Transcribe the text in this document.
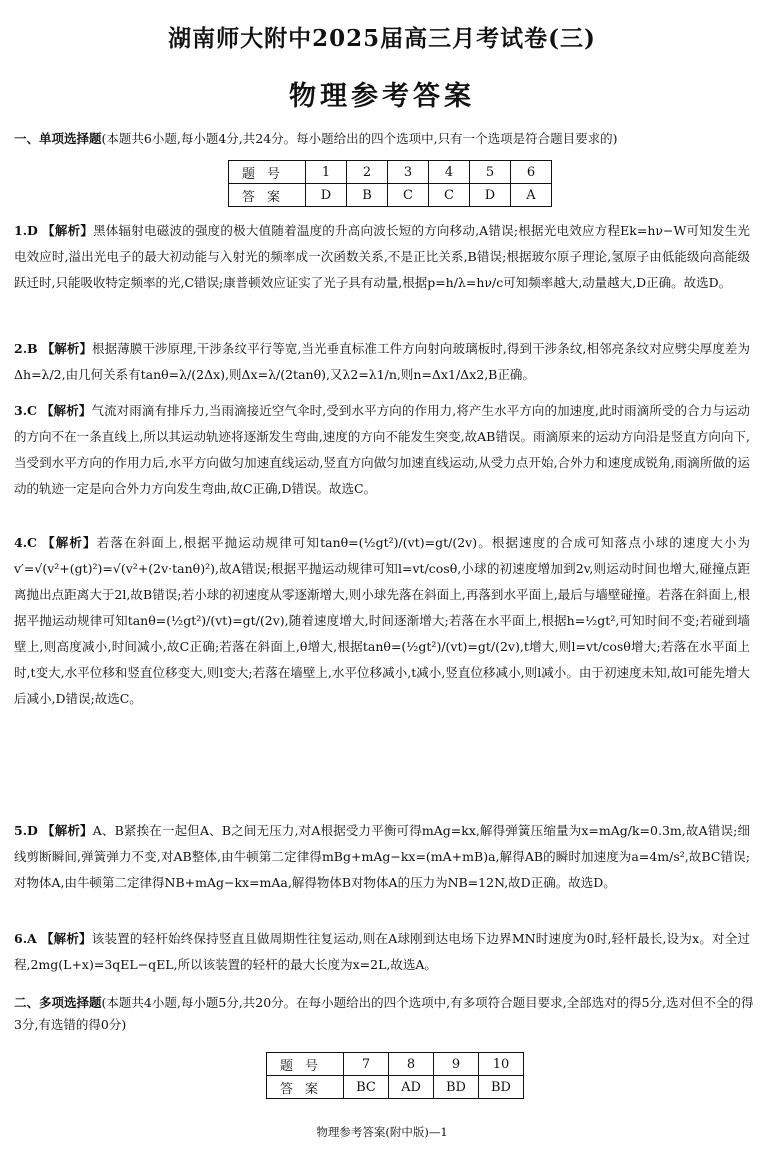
湖南师大附中2025届高三月考试卷(三)
物理参考答案
一、单项选择题(本题共6小题,每小题4分,共24分。每小题给出的四个选项中,只有一个选项是符合题目要求的)
题号	1	2	3	4	5	6
答案	D	B	C	C	D	A
1.D 【解析】黑体辐射电磁波的强度的极大值随着温度的升高向波长短的方向移动,A错误;根据光电效应方程Ek=hν−W可知发生光电效应时,溢出光电子的最大初动能与入射光的频率成一次函数关系,不是正比关系,B错误;根据玻尔原子理论,氢原子由低能级向高能级跃迁时,只能吸收特定频率的光,C错误;康普顿效应证实了光子具有动量,根据p=h/λ=hν/c可知频率越大,动量越大,D正确。故选D。
2.B 【解析】根据薄膜干涉原理,干涉条纹平行等宽,当光垂直标准工件方向射向玻璃板时,得到干涉条纹,相邻亮条纹对应劈尖厚度差为Δh=λ/2,由几何关系有tanθ=λ/(2Δx),则Δx=λ/(2tanθ),又λ2=λ1/n,则n=Δx1/Δx2,B正确。
3.C 【解析】气流对雨滴有排斥力,当雨滴接近空气伞时,受到水平方向的作用力,将产生水平方向的加速度,此时雨滴所受的合力与运动的方向不在一条直线上,所以其运动轨迹将逐渐发生弯曲,速度的方向不能发生突变,故AB错误。雨滴原来的运动方向沿是竖直方向向下,当受到水平方向的作用力后,水平方向做匀加速直线运动,竖直方向做匀加速直线运动,从受力点开始,合外力和速度成锐角,雨滴所做的运动的轨迹一定是向合外力方向发生弯曲,故C正确,D错误。故选C。
4.C 【解析】若落在斜面上,根据平抛运动规律可知tanθ=(½gt²)/(vt)=gt/(2v)。根据速度的合成可知落点小球的速度大小为v′=√(v²+(gt)²)=√(v²+(2v·tanθ)²),故A错误;根据平抛运动规律可知l=vt/cosθ,小球的初速度增加到2v,则运动时间也增大,碰撞点距离抛出点距离大于2l,故B错误;若小球的初速度从零逐渐增大,则小球先落在斜面上,再落到水平面上,最后与墙壁碰撞。若落在斜面上,根据平抛运动规律可知tanθ=(½gt²)/(vt)=gt/(2v),随着速度增大,时间逐渐增大;若落在水平面上,根据h=½gt²,可知时间不变;若碰到墙壁上,则高度减小,时间减小,故C正确;若落在斜面上,θ增大,根据tanθ=(½gt²)/(vt)=gt/(2v),t增大,则l=vt/cosθ增大;若落在水平面上时,t变大,水平位移和竖直位移变大,则l变大;若落在墙壁上,水平位移减小,t减小,竖直位移减小,则l减小。由于初速度未知,故l可能先增大后减小,D错误;故选C。
5.D 【解析】A、B紧挨在一起但A、B之间无压力,对A根据受力平衡可得mAg=kx,解得弹簧压缩量为x=mAg/k=0.3m,故A错误;细线剪断瞬间,弹簧弹力不变,对AB整体,由牛顿第二定律得mBg+mAg−kx=(mA+mB)a,解得AB的瞬时加速度为a=4m/s²,故BC错误;对物体A,由牛顿第二定律得NB+mAg−kx=mAa,解得物体B对物体A的压力为NB=12N,故D正确。故选D。
6.A 【解析】该装置的轻杆始终保持竖直且做周期性往复运动,则在A球刚到达电场下边界MN时速度为0时,轻杆最长,设为x。对全过程,2mg(L+x)=3qEL−qEL,所以该装置的轻杆的最大长度为x=2L,故选A。
二、多项选择题(本题共4小题,每小题5分,共20分。在每小题给出的四个选项中,有多项符合题目要求,全部选对的得5分,选对但不全的得3分,有选错的得0分)
题号	7	8	9	10
答案	BC	AD	BD	BD
物理参考答案(附中版)—1
